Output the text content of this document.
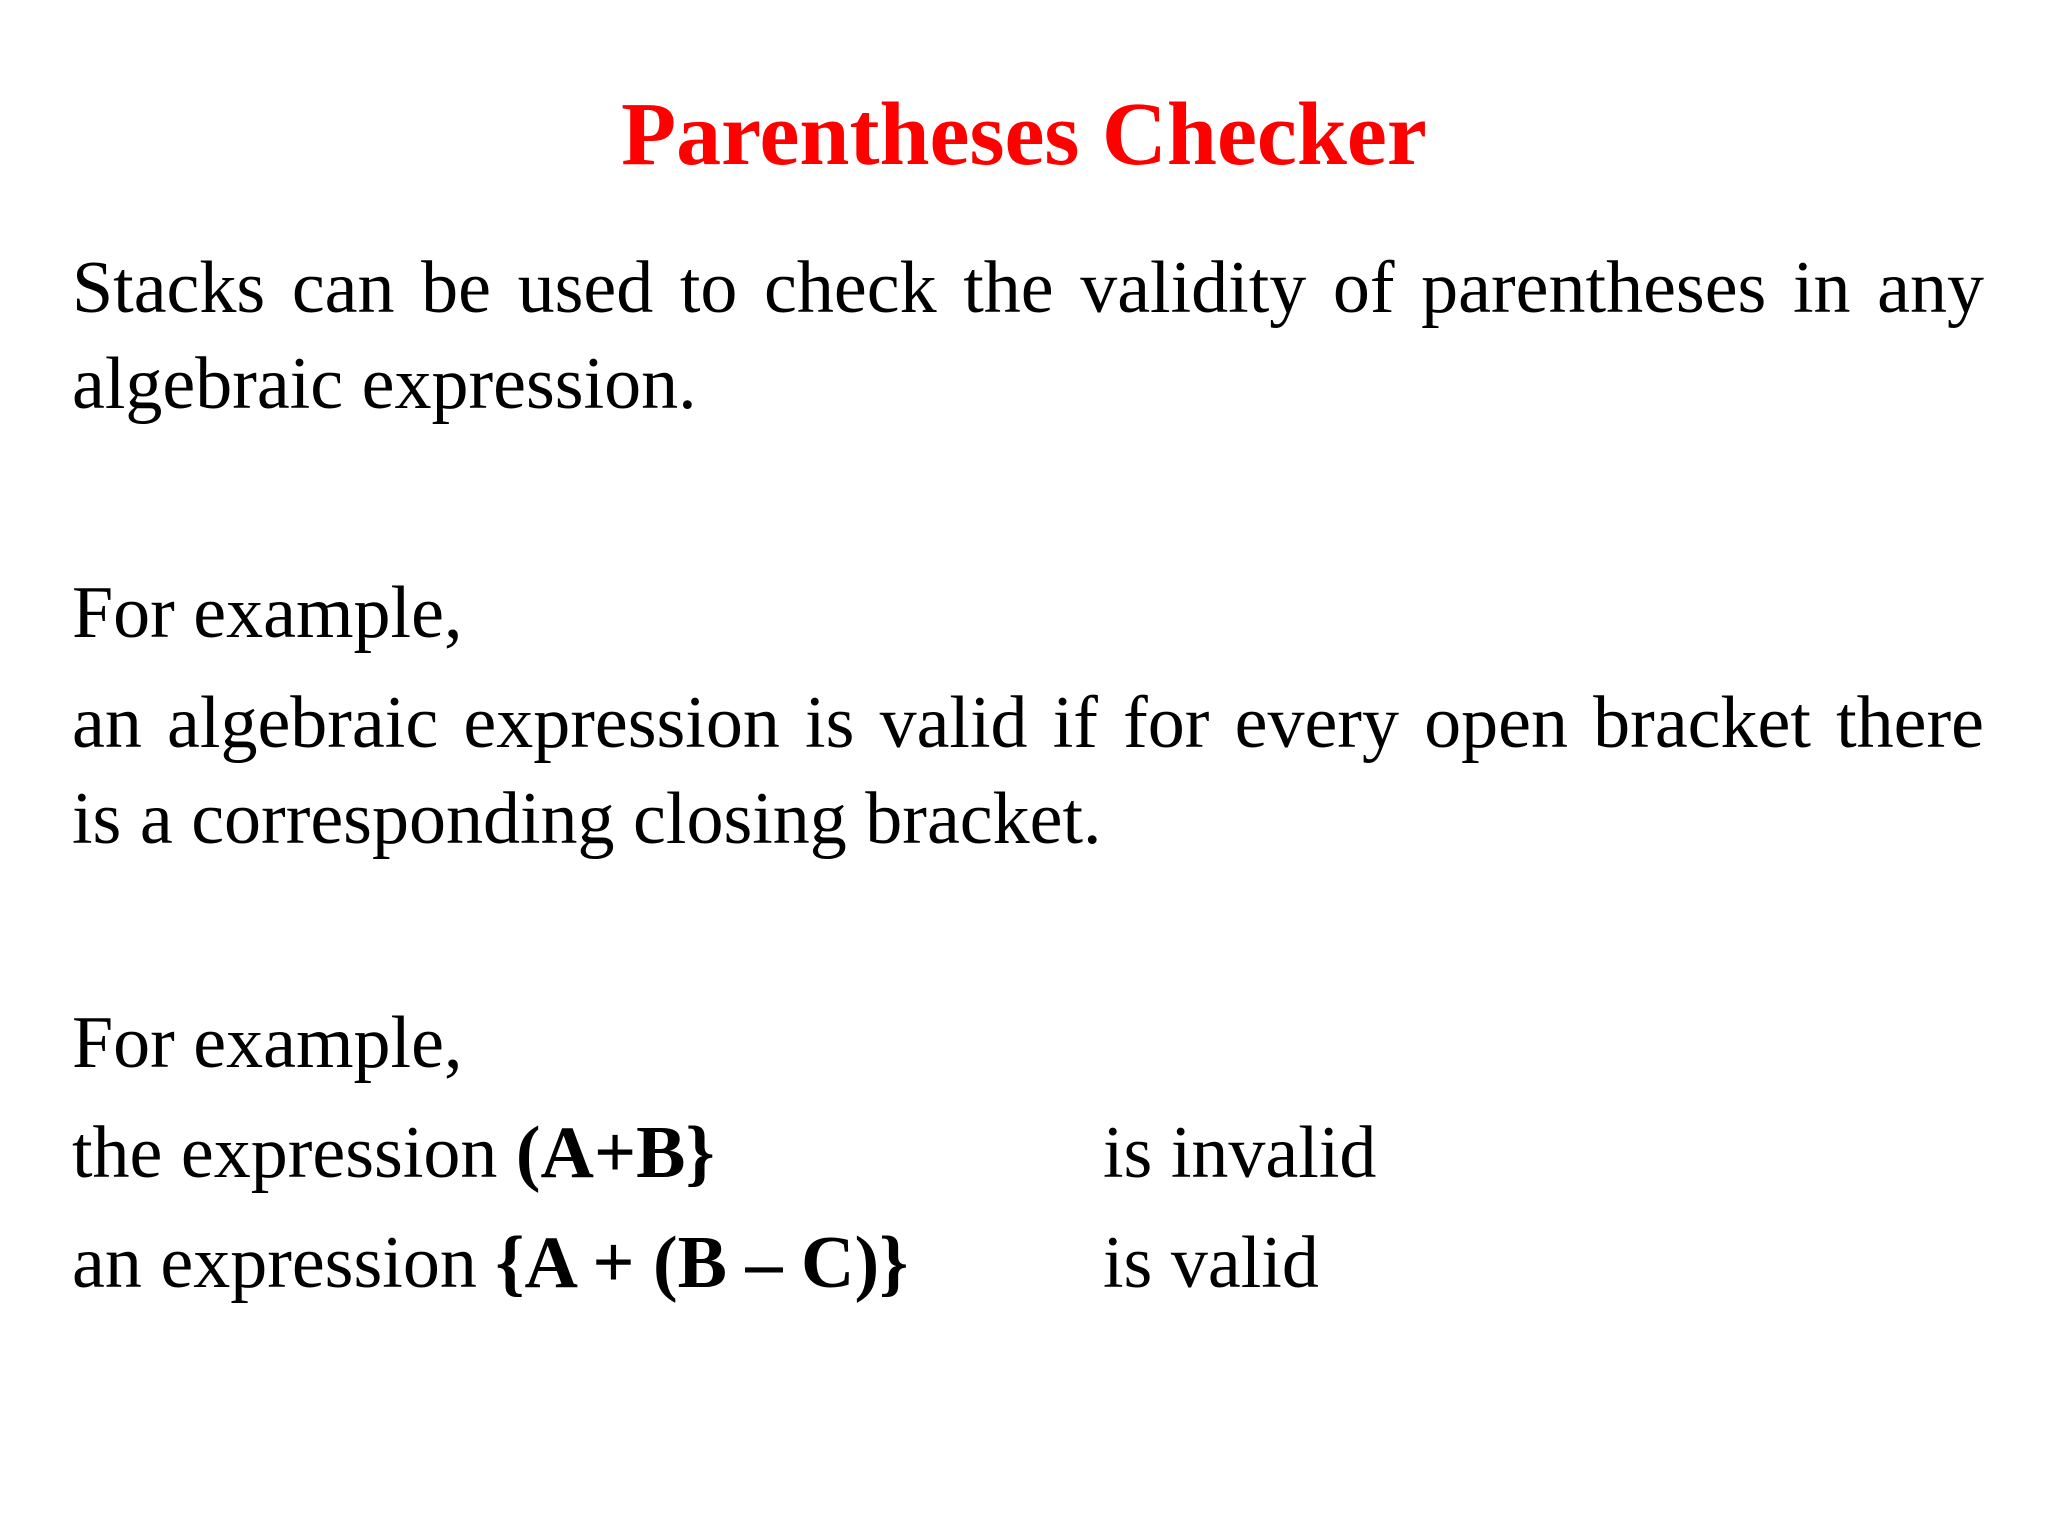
Parentheses Checker

Stacks can be used to check the validity of parentheses in any algebraic expression.

For example,

an algebraic expression is valid if for every open bracket there is a corresponding closing bracket.

For example,

the expression (A+B}	is invalid
an expression {A + (B – C)}	is valid
